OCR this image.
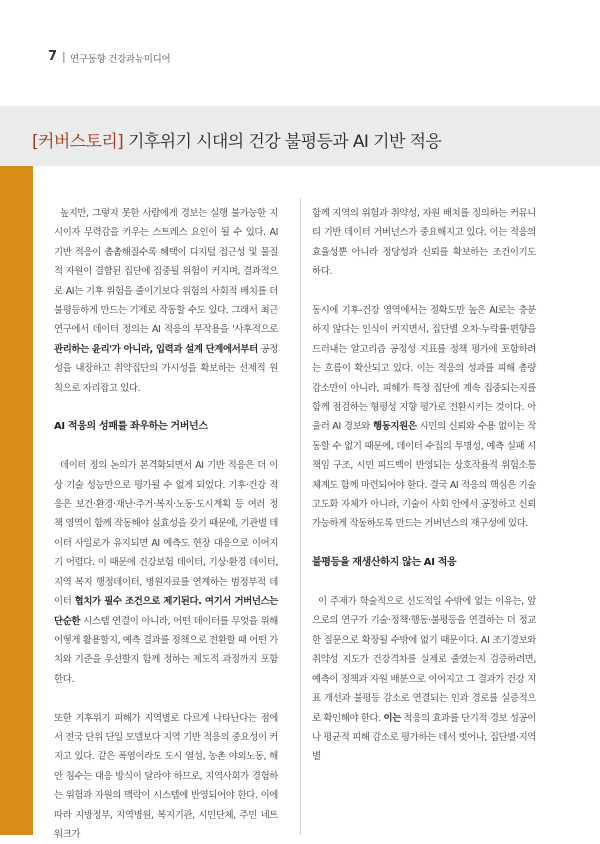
7 | 연구동향 건강과뉴미디어
[커버스토리] 기후위기 시대의 건강 불평등과 AI 기반 적응

높지만, 그렇지 못한 사람에게 경보는 실행 불가능한 지시이자 무력감을 키우는 스트레스 요인이 될 수 있다. AI 기반 적응이 촘촘해질수록 혜택이 디지털 접근성 및 물질적 자원이 결합된 집단에 집중될 위험이 커지며, 결과적으로 AI는 기후 위험을 줄이기보다 위험의 사회적 배치를 더 불평등하게 만드는 기제로 작동할 수도 있다. 그래서 최근 연구에서 데이터 정의는 AI 적응의 부작용을 '사후적으로 관리하는 윤리'가 아니라, 입력과 설계 단계에서부터 공정성을 내장하고 취약집단의 가시성을 확보하는 선제적 원칙으로 자리잡고 있다.

AI 적응의 성패를 좌우하는 거버넌스

데이터 정의 논의가 본격화되면서 AI 기반 적응은 더 이상 기술 성능만으로 평가될 수 없게 되었다. 기후·건강 적응은 보건·환경·재난·주거·복지·노동·도시계획 등 여러 정책 영역이 함께 작동해야 실효성을 갖기 때문에, 기관별 데이터 사일로가 유지되면 AI 예측도 현장 대응으로 이어지기 어렵다. 이 때문에 건강보험 데이터, 기상·환경 데이터, 지역 복지 행정데이터, 병원자료를 연계하는 범정부적 데이터 협치가 필수 조건으로 제기된다. 여기서 거버넌스는 단순한 시스템 연결이 아니라, 어떤 데이터를 무엇을 위해 어떻게 활용할지, 예측 결과를 정책으로 전환할 때 어떤 가치와 기준을 우선할지 함께 정하는 제도적 과정까지 포함한다.

또한 기후위기 피해가 지역별로 다르게 나타난다는 점에서 전국 단위 단일 모델보다 지역 기반 적응의 중요성이 커지고 있다. 같은 폭염이라도 도시 열섬, 농촌 야외노동, 해안 침수는 대응 방식이 달라야 하므로, 지역사회가 경험하는 위험과 자원의 맥락이 시스템에 반영되어야 한다. 이에 따라 지방정부, 지역병원, 복지기관, 시민단체, 주민 네트워크가

함께 지역의 위험과 취약성, 자원 배치를 정의하는 커뮤니티 기반 데이터 거버넌스가 중요해지고 있다. 이는 적응의 효율성뿐 아니라 정당성과 신뢰를 확보하는 조건이기도 하다.

동시에 기후-건강 영역에서는 정확도만 높은 AI로는 충분하지 않다는 인식이 커지면서, 집단별 오차·누락률·편향을 드러내는 알고리즘 공정성 지표를 정책 평가에 포함하려는 흐름이 확산되고 있다. 이는 적응의 성과를 피해 총량 감소만이 아니라, 피해가 특정 집단에 계속 집중되는지를 함께 점검하는 형평성 지향 평가로 전환시키는 것이다. 아울러 AI 경보와 행동지원은 시민의 신뢰와 수용 없이는 작동할 수 없기 때문에, 데이터 수집의 투명성, 예측 실패 시 책임 구조, 시민 피드백이 반영되는 상호작용적 위험소통 체계도 함께 마련되어야 한다. 결국 AI 적응의 핵심은 기술 고도화 자체가 아니라, 기술이 사회 안에서 공정하고 신뢰 가능하게 작동하도록 만드는 거버넌스의 재구성에 있다.

불평등을 재생산하지 않는 AI 적응

이 주제가 학술적으로 선도적일 수밖에 없는 이유는, 앞으로의 연구가 기술·정책·행동·불평등을 연결하는 더 정교한 질문으로 확장될 수밖에 없기 때문이다. AI 조기경보와 취약성 지도가 건강격차를 실제로 줄였는지 검증하려면, 예측이 정책과 자원 배분으로 이어지고 그 결과가 건강 지표 개선과 불평등 감소로 연결되는 인과 경로를 실증적으로 확인해야 한다. 이는 적응의 효과를 단기적 경보 성공이나 평균적 피해 감소로 평가하는 데서 벗어나, 집단별·지역별
